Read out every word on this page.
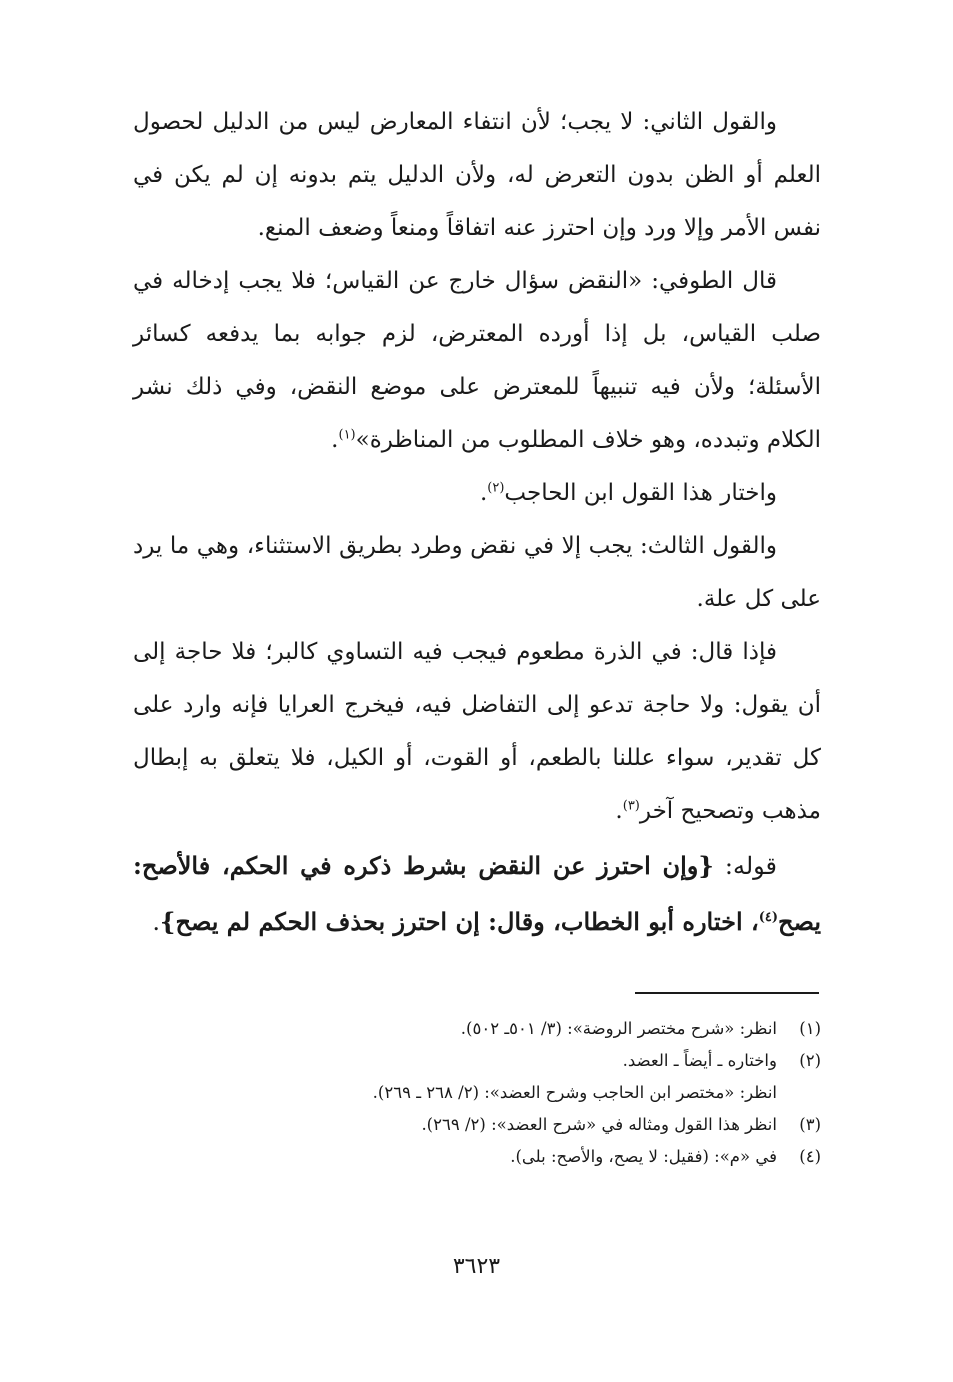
والقول الثاني: لا يجب؛ لأن انتفاء المعارض ليس من الدليل لحصول العلم أو الظن بدون التعرض له، ولأن الدليل يتم بدونه إن لم يكن في نفس الأمر وإلا ورد وإن احترز عنه اتفاقاً ومنعاً وضعف المنع.

قال الطوفي: «النقض سؤال خارج عن القياس؛ فلا يجب إدخاله في صلب القياس، بل إذا أورده المعترض، لزم جوابه بما يدفعه كسائر الأسئلة؛ ولأن فيه تنبيهاً للمعترض على موضع النقض، وفي ذلك نشر الكلام وتبدده، وهو خلاف المطلوب من المناظرة»$^{(١)}$.

واختار هذا القول ابن الحاجب$^{(٢)}$.

والقول الثالث: يجب إلا في نقض وطرد بطريق الاستثناء، وهي ما يرد على كل علة.

فإذا قال: في الذرة مطعوم فيجب فيه التساوي كالبر؛ فلا حاجة إلى أن يقول: ولا حاجة تدعو إلى التفاضل فيه، فيخرج العرايا فإنه وارد على كل تقدير، سواء عللنا بالطعم، أو القوت، أو الكيل، فلا يتعلق به إبطال مذهب وتصحيح آخر$^{(٣)}$.

قوله: {وإن احترز عن النقض بشرط ذكره في الحكم، فالأصح: يصح$^{(٤)}$، اختاره أبو الخطاب، وقال: إن احترز بحذف الحكم لم يصح}.

(١)
انظر: «شرح مختصر الروضة»: (٣/ ٥٠١ـ ٥٠٢).
(٢)
واختاره ـ أيضاً ـ العضد.
انظر: «مختصر ابن الحاجب وشرح العضد»: (٢/ ٢٦٨ ـ ٢٦٩).
(٣)
انظر هذا القول ومثاله في «شرح العضد»: (٢/ ٢٦٩).
(٤)
في «م»: (فقيل: لا يصح، والأصح: بلى).
٣٦٢٣
